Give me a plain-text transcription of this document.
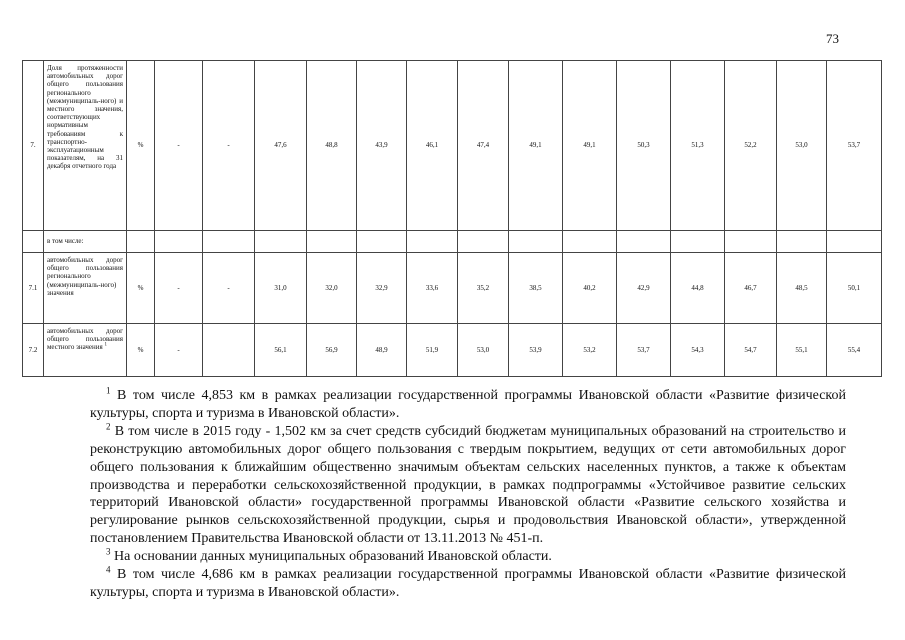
73
7.	Доля протяженности автомобильных дорог общего пользования регионального (межмуниципаль-ного) и местного значения, соответствующих нормативным требованиям к транспортно-эксплуатационным показателям, на 31 декабря отчетного года	%	-	-	47,6	48,8	43,9	46,1	47,4	49,1	49,1	50,3	51,3	52,2	53,0	53,7
	в том числе:															
7.1	автомобильных дорог общего пользования регионального (межмуниципаль-ного) значения	%	-	-	31,0	32,0	32,9	33,6	35,2	38,5	40,2	42,9	44,8	46,7	48,5	50,1
7.2	автомобильных дорог общего пользования местного значения $^1$	%	-		56,1	56,9	48,9	51,9	53,0	53,9	53,2	53,7	54,3	54,7	55,1	55,4

$^1$ В том числе 4,853 км в рамках реализации государственной программы Ивановской области «Развитие физической культуры, спорта и туризма в Ивановской области».

$^2$ В том числе в 2015 году - 1,502 км за счет средств субсидий бюджетам муниципальных образований на строительство и реконструкцию автомобильных дорог общего пользования с твердым покрытием, ведущих от сети автомобильных дорог общего пользования к ближайшим общественно значимым объектам сельских населенных пунктов, а также к объектам производства и переработки сельскохозяйственной продукции, в рамках подпрограммы «Устойчивое развитие сельских территорий Ивановской области» государственной программы Ивановской области «Развитие сельского хозяйства и регулирование рынков сельскохозяйственной продукции, сырья и продовольствия Ивановской области», утвержденной постановлением Правительства Ивановской области от 13.11.2013 № 451-п.

$^3$ На основании данных муниципальных образований Ивановской области.

$^4$ В том числе 4,686 км в рамках реализации государственной программы Ивановской области «Развитие физической культуры, спорта и туризма в Ивановской области».
